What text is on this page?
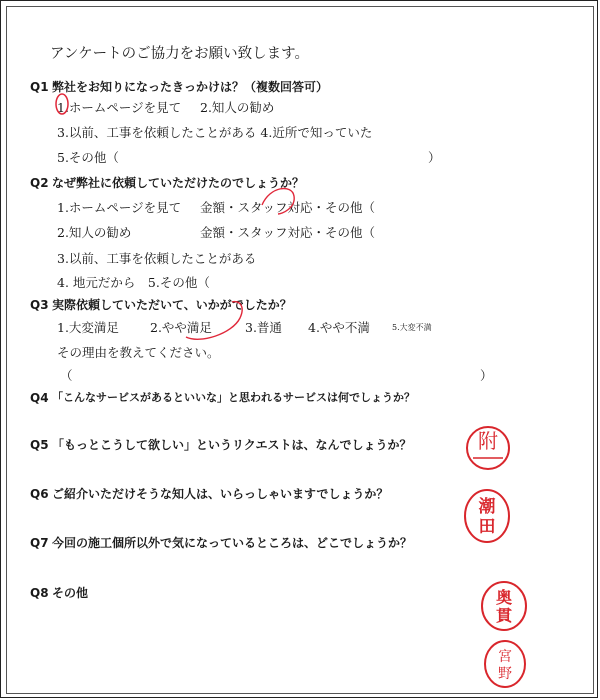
アンケートのご協力をお願い致します。
Q1 弊社をお知りになったきっかけは？（複数回答可）
1.ホームページを見て 2.知人の勧め
3.以前、工事を依頼したことがある 4.近所で知っていた
5.その他（	）
Q2 なぜ弊社に依頼していただけたのでしょうか？
1.ホームページを見て 金額・スタッフ対応・その他（
2.知人の勧め	金額・スタッフ対応・その他（
3.以前、工事を依頼したことがある
4. 地元だから　5.その他（
Q3 実際依頼していただいて、いかがでしたか？
1.大変満足 2.やや満足	3.普通 4.やや不満	5.大変不満
その理由を教えてください。
（	）
Q4 「こんなサービスがあるといいな」と思われるサービスは何でしょうか？
Q5 「もっとこうして欲しい」というリクエストは、なんでしょうか？
Q6 ご紹介いただけそうな知人は、いらっしゃいますでしょうか？
Q7 今回の施工個所以外で気になっているところは、どこでしょうか？
Q8 その他
附
潮
田
奥
貫
宮
野
